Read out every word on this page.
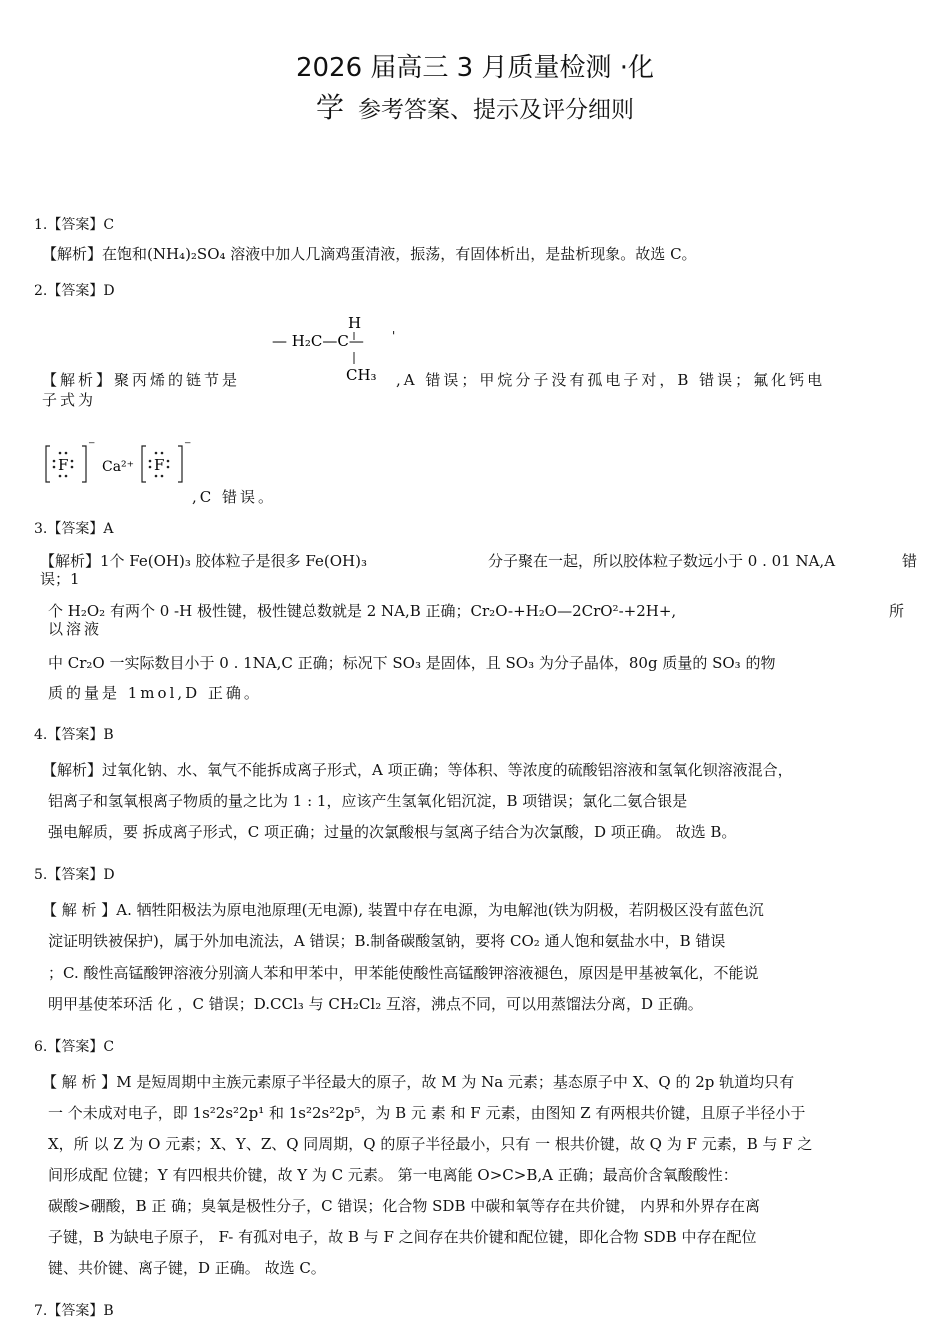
2026 届高三 3 月质量检测 ·化
学 参考答案、提示及评分细则
1.【答案】C
【解析】在饱和(NH₄)₂SO₄ 溶液中加人几滴鸡蛋清液，振荡，有固体析出，是盐析现象。故选 C。
2.【答案】D
H
— H₂C—C— '
CH₃
【解析】聚丙烯的链节是	,A 错误；甲烷分子没有孤电子对，B 错误；氟化钙电
子式为
F
⁻
Ca²⁺ F
⁻
,C 错误。
3.【答案】A
【解析】1个 Fe(OH)₃ 胶体粒子是很多 Fe(OH)₃	分子聚在一起，所以胶体粒子数远小于 0 . 01 NA,A	错
误；1
个 H₂O₂ 有两个 0 -H 极性键，极性键总数就是 2 NA,B 正确；Cr₂O-+H₂O—2CrO²-+2H+,	所
以溶液
中 Cr₂O 一实际数目小于 0 . 1NA,C 正确；标况下 SO₃ 是固体，且 SO₃ 为分子晶体，80g 质量的 SO₃ 的物
质的量是 1mol,D 正确。
4.【答案】B
【解析】过氧化钠、水、氧气不能拆成离子形式，A 项正确；等体积、等浓度的硫酸铝溶液和氢氧化钡溶液混合，
铝离子和氢氧根离子物质的量之比为 1 : 1，应该产生氢氧化铝沉淀，B 项错误；氯化二氨合银是
强电解质，要 拆成离子形式，C 项正确；过量的次氯酸根与氢离子结合为次氯酸，D 项正确。 故选 B。
5.【答案】D
【 解 析 】A. 牺牲阳极法为原电池原理(无电源), 装置中存在电源，为电解池(铁为阴极，若阴极区没有蓝色沉
淀证明铁被保护)，属于外加电流法，A 错误；B.制备碳酸氢钠，要将 CO₂ 通人饱和氨盐水中，B 错误
；C. 酸性高锰酸钾溶液分别滴人苯和甲苯中，甲苯能使酸性高锰酸钾溶液褪色，原因是甲基被氧化，不能说
明甲基使苯环活 化 ，C 错误；D.CCl₃ 与 CH₂Cl₂ 互溶，沸点不同，可以用蒸馏法分离，D 正确。
6.【答案】C
【 解 析 】M 是短周期中主族元素原子半径最大的原子，故 M 为 Na 元素；基态原子中 X、Q 的 2p 轨道均只有
一 个未成对电子，即 1s²2s²2p¹ 和 1s²2s²2p⁵，为 B 元 素 和 F 元素，由图知 Z 有两根共价键，且原子半径小于
X，所 以 Z 为 O 元素；X、Y、Z、Q 同周期，Q 的原子半径最小，只有 一 根共价键，故 Q 为 F 元素，B 与 F 之
间形成配 位键；Y 有四根共价键，故 Y 为 C 元素。 第一电离能 O>C>B,A 正确；最高价含氧酸酸性：
碳酸>硼酸，B 正 确；臭氧是极性分子，C 错误；化合物 SDB 中碳和氧等存在共价键， 内界和外界存在离
子键，B 为缺电子原子， F- 有孤对电子，故 B 与 F 之间存在共价键和配位键，即化合物 SDB 中存在配位
键、共价键、离子键，D 正确。 故选 C。
7.【答案】B
